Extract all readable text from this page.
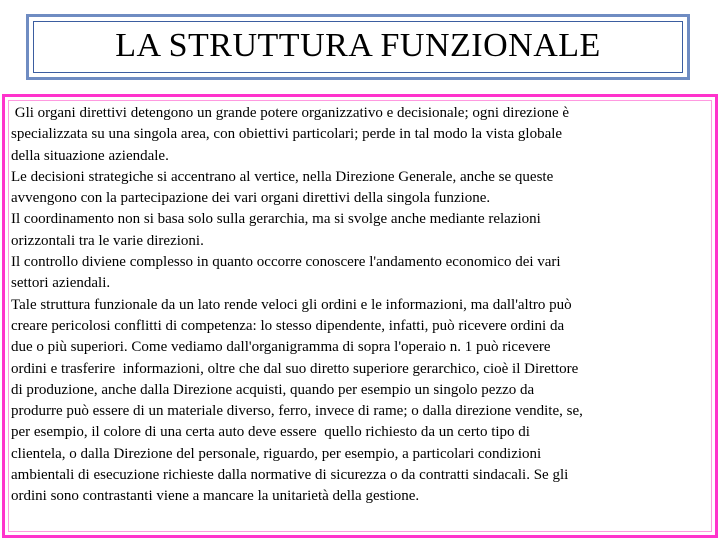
LA STRUTTURA FUNZIONALE
Gli organi direttivi detengono un grande potere organizzativo e decisionale; ogni direzione è
specializzata su una singola area, con obiettivi particolari; perde in tal modo la vista globale
della situazione aziendale.
Le decisioni strategiche si accentrano al vertice, nella Direzione Generale, anche se queste
avvengono con la partecipazione dei vari organi direttivi della singola funzione.
Il coordinamento non si basa solo sulla gerarchia, ma si svolge anche mediante relazioni
orizzontali tra le varie direzioni.
Il controllo diviene complesso in quanto occorre conoscere l'andamento economico dei vari
settori aziendali.
Tale struttura funzionale da un lato rende veloci gli ordini e le informazioni, ma dall'altro può
creare pericolosi conflitti di competenza: lo stesso dipendente, infatti, può ricevere ordini da
due o più superiori. Come vediamo dall'organigramma di sopra l'operaio n. 1 può ricevere
ordini e trasferire  informazioni, oltre che dal suo diretto superiore gerarchico, cioè il Direttore
di produzione, anche dalla Direzione acquisti, quando per esempio un singolo pezzo da
produrre può essere di un materiale diverso, ferro, invece di rame; o dalla direzione vendite, se,
per esempio, il colore di una certa auto deve essere  quello richiesto da un certo tipo di
clientela, o dalla Direzione del personale, riguardo, per esempio, a particolari condizioni
ambientali di esecuzione richieste dalla normative di sicurezza o da contratti sindacali. Se gli
ordini sono contrastanti viene a mancare la unitarietà della gestione.
